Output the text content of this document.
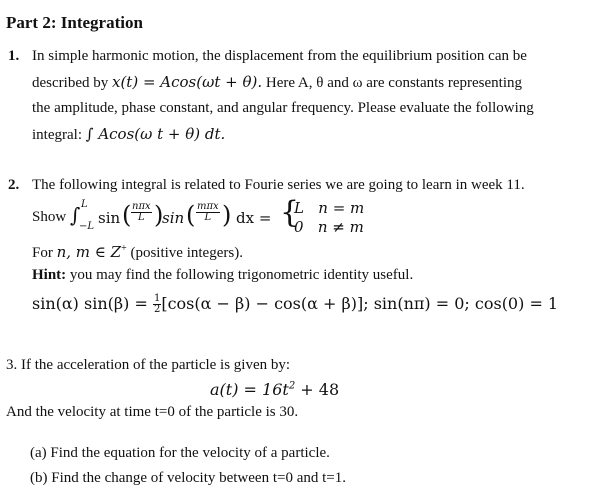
Part 2: Integration
1. In simple harmonic motion, the displacement from the equilibrium position can be
described by x(t) = Acos(ωt + θ). Here A, θ and ω are constants representing
the amplitude, phase constant, and angular frequency. Please evaluate the following
integral: ∫ Acos(ω t + θ) dt.
2. The following integral is related to Fourie series we are going to learn in week 11.
Show ∫ L
−L sin ( $\frac{\text{nπx}}{L}$ )
sin ( $\frac{\text{mπx}}{L}$ ) dx = {
L   n = m
0   n ≠ m
For n, m ∈ Z+ (positive integers).
Hint: you may find the following trigonometric identity useful.
sin(α) $\sin(\beta) = \frac{1}{2} [\cos(\alpha - \beta) - \cos(\alpha + \beta)]$; sin(nπ) = 0; cos(0) = 1
3. If the acceleration of the particle is given by:
$a(t) = 16t^2 + 48$
And the velocity at time t=0 of the particle is 30.
(a) Find the equation for the velocity of a particle.
(b) Find the change of velocity between t=0 and t=1.
